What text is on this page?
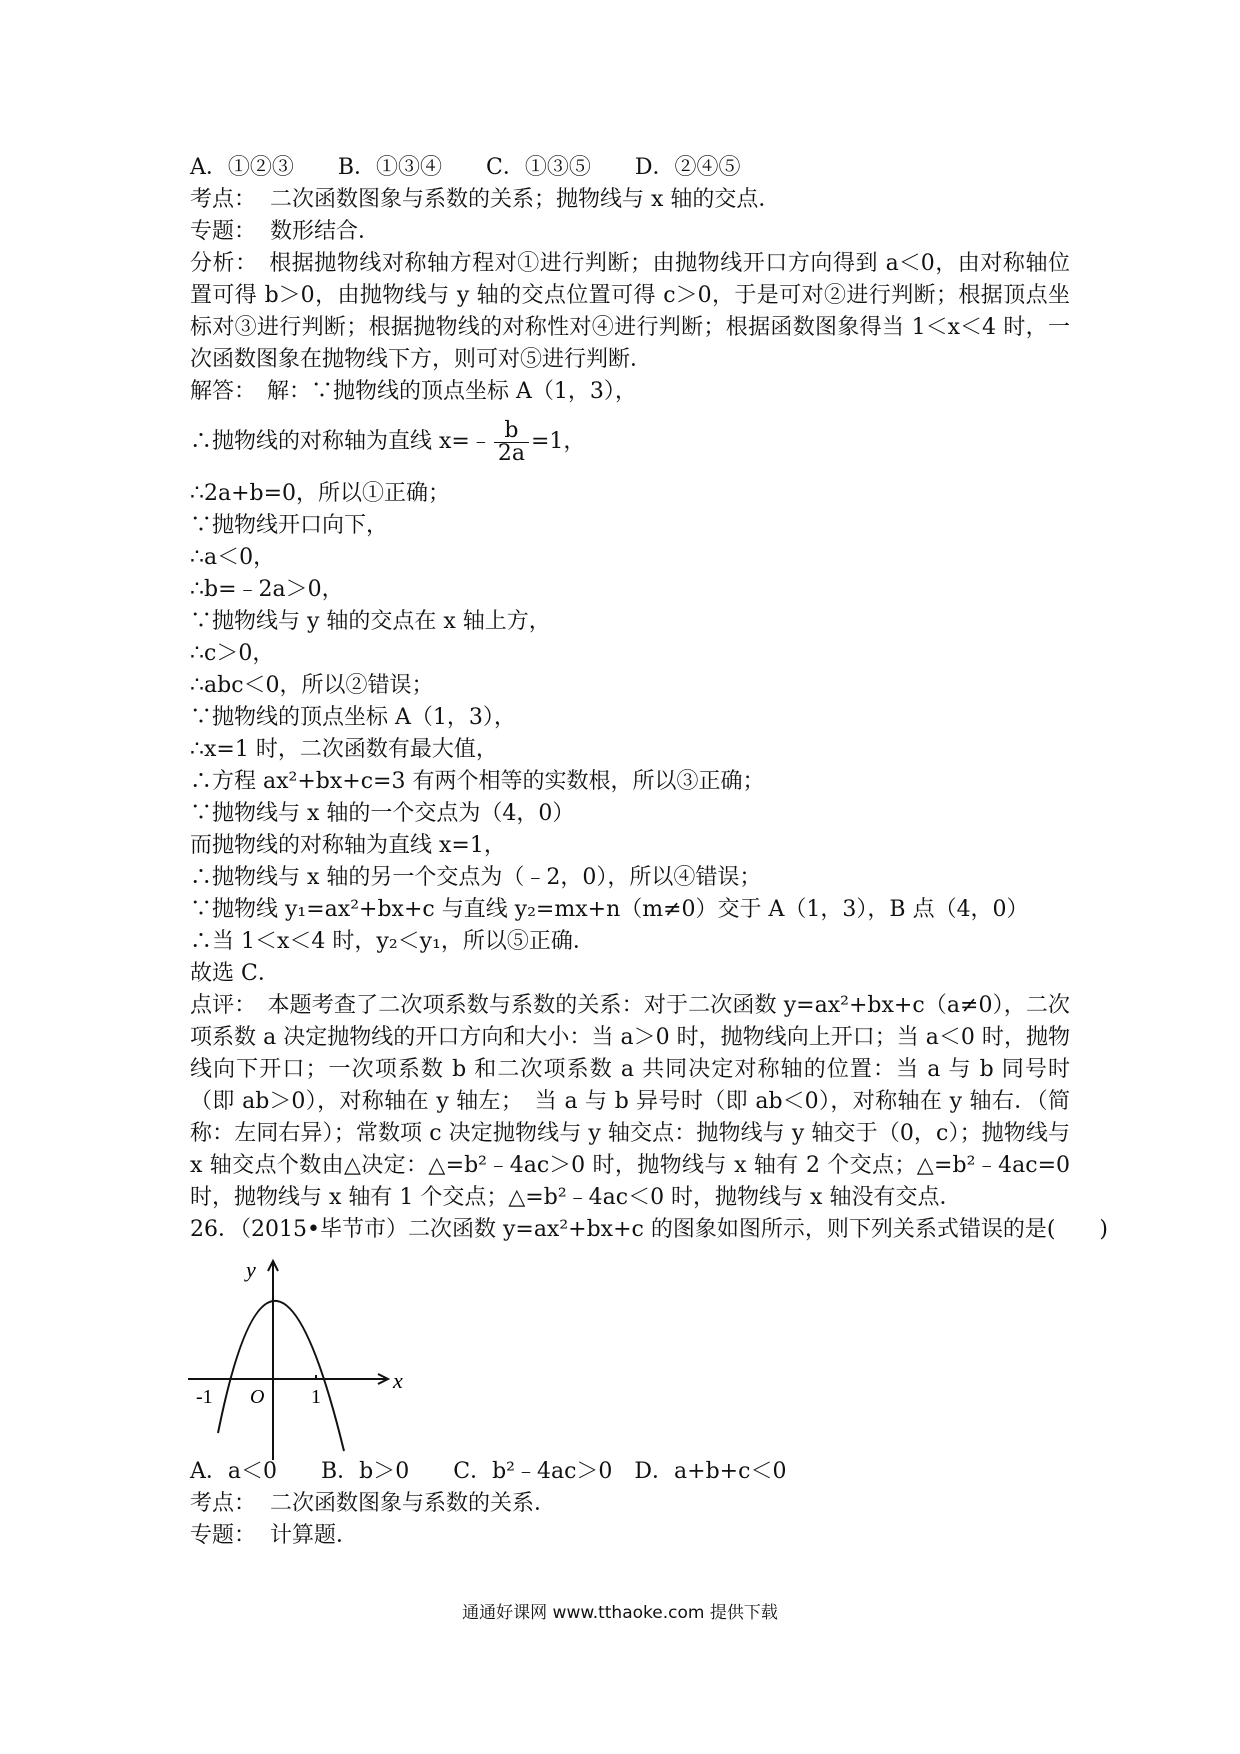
A．①②③　　B．①③④　　C．①③⑤　　D．②④⑤
考点： 二次函数图象与系数的关系；抛物线与 x 轴的交点．
专题： 数形结合．
分析：　根据抛物线对称轴方程对①进行判断；由抛物线开口方向得到 a＜0，由对称轴位置可得 b＞0，由抛物线与 y 轴的交点位置可得 c＞0，于是可对②进行判断；根据顶点坐标对③进行判断；根据抛物线的对称性对④进行判断；根据函数图象得当 1＜x＜4 时，一次函数图象在抛物线下方，则可对⑤进行判断．
解答：　解：∵抛物线的顶点坐标 A（1，3），
∴抛物线的对称轴为直线 x=﹣ $\frac{b}{2a} =1$，
∴2a+b=0，所以①正确；
∵抛物线开口向下，
∴a＜0，
∴b=﹣2a＞0，
∵抛物线与 y 轴的交点在 x 轴上方，
∴c＞0，
∴abc＜0，所以②错误；
∵抛物线的顶点坐标 A（1，3），
∴x=1 时，二次函数有最大值，
∴方程 ax²+bx+c=3 有两个相等的实数根，所以③正确；
∵抛物线与 x 轴的一个交点为（4，0）
而抛物线的对称轴为直线 x=1，
∴抛物线与 x 轴的另一个交点为（﹣2，0），所以④错误；
∵抛物线 y₁=ax²+bx+c 与直线 y₂=mx+n（m≠0）交于 A（1，3），B 点（4，0）
∴当 1＜x＜4 时，y₂＜y₁，所以⑤正确．
故选 C．
点评：　本题考查了二次项系数与系数的关系：对于二次函数 y=ax²+bx+c（a≠0），二次项系数 a 决定抛物线的开口方向和大小：当 a＞0 时，抛物线向上开口；当 a＜0 时，抛物线向下开口；一次项系数 b 和二次项系数 a 共同决定对称轴的位置：当 a 与 b 同号时（即 ab＞0），对称轴在 y 轴左；　当 a 与 b 异号时（即 ab＜0），对称轴在 y 轴右．（简称：左同右异）；常数项 c 决定抛物线与 y 轴交点：抛物线与 y 轴交于（0，c）；抛物线与 x 轴交点个数由△决定：△=b²﹣4ac＞0 时，抛物线与 x 轴有 2 个交点；△=b²﹣4ac=0 时，抛物线与 x 轴有 1 个交点；△=b²﹣4ac＜0 时，抛物线与 x 轴没有交点．
26．（2015•毕节市）二次函数 y=ax²+bx+c 的图象如图所示，则下列关系式错误的是(　　)
y
x
O
-1	1
A．a＜0　　B．b＞0　　C．b²﹣4ac＞0　D．a+b+c＜0
考点： 二次函数图象与系数的关系．
专题： 计算题．
通通好课网 www.tthaoke.com 提供下载
